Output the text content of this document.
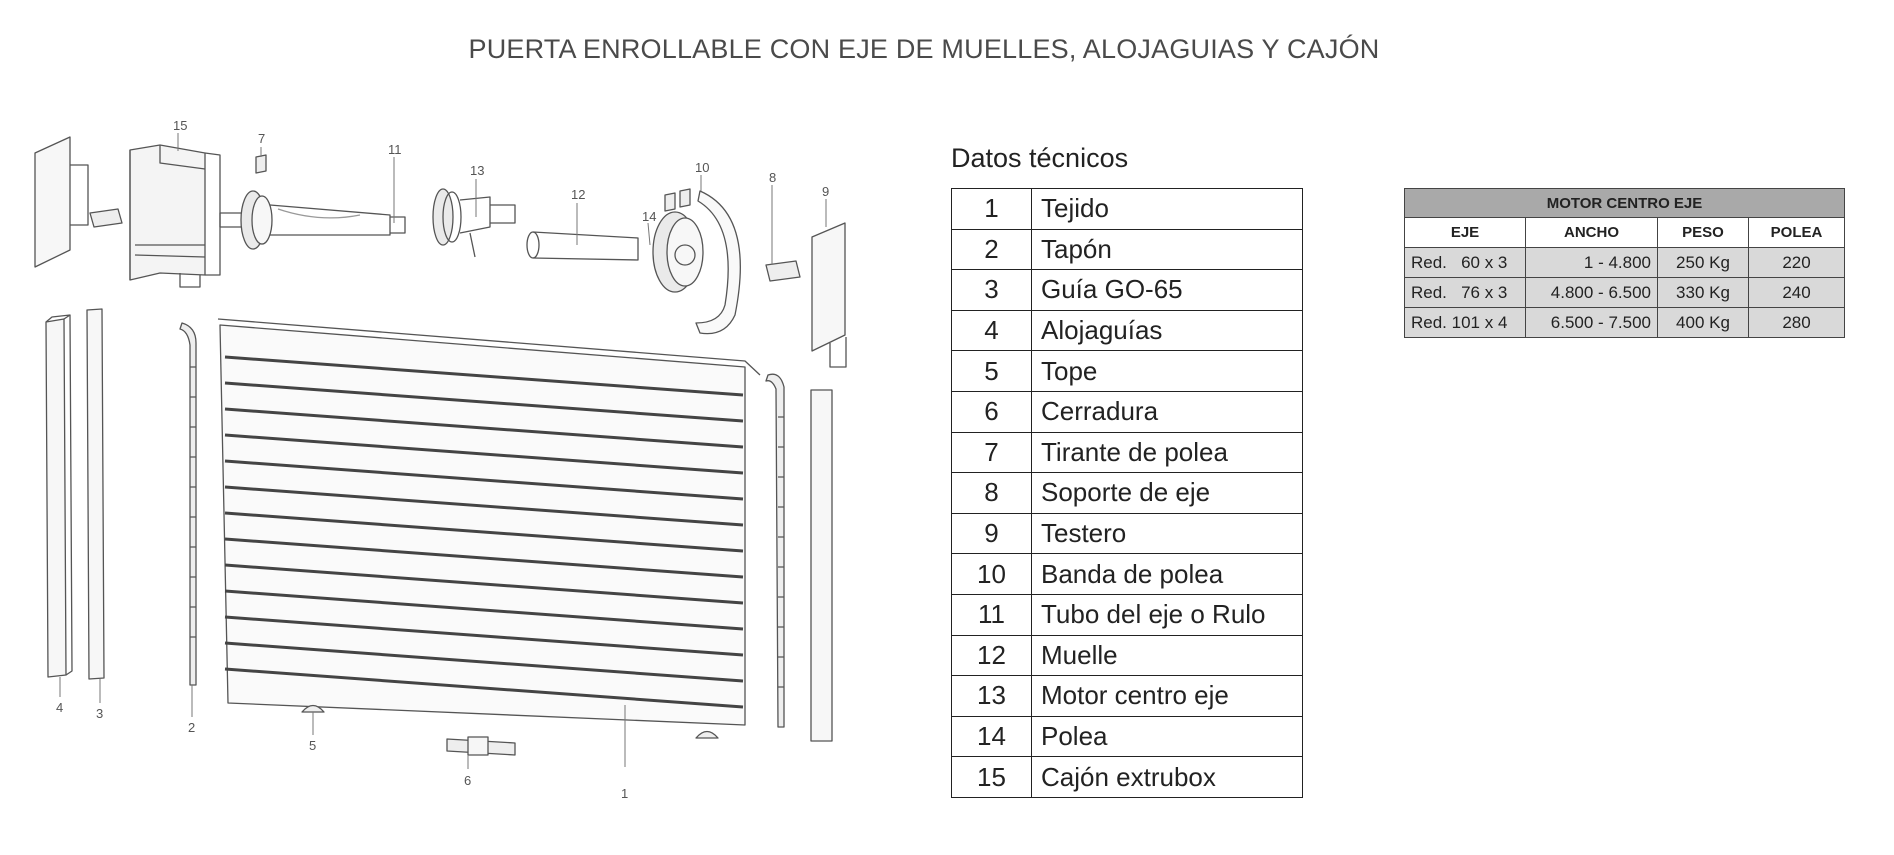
PUERTA ENROLLABLE CON EJE DE MUELLES, ALOJAGUIAS Y CAJÓN
15
7
11
13
12
14
10
8
9
4	3
2
5
6
1
Datos técnicos
1	Tejido
2	Tapón
3	Guía GO-65
4	Alojaguías
5	Tope
6	Cerradura
7	Tirante de polea
8	Soporte de eje
9	Testero
10	Banda de polea
11	Tubo del eje o Rulo
12	Muelle
13	Motor centro eje
14	Polea
15	Cajón extrubox
MOTOR CENTRO EJE			
EJE	ANCHO	PESO	POLEA
Red.   60 x 3	1 - 4.800	250 Kg	220
Red.   76 x 3	4.800 - 6.500	330 Kg	240
Red. 101 x 4	6.500 - 7.500	400 Kg	280
